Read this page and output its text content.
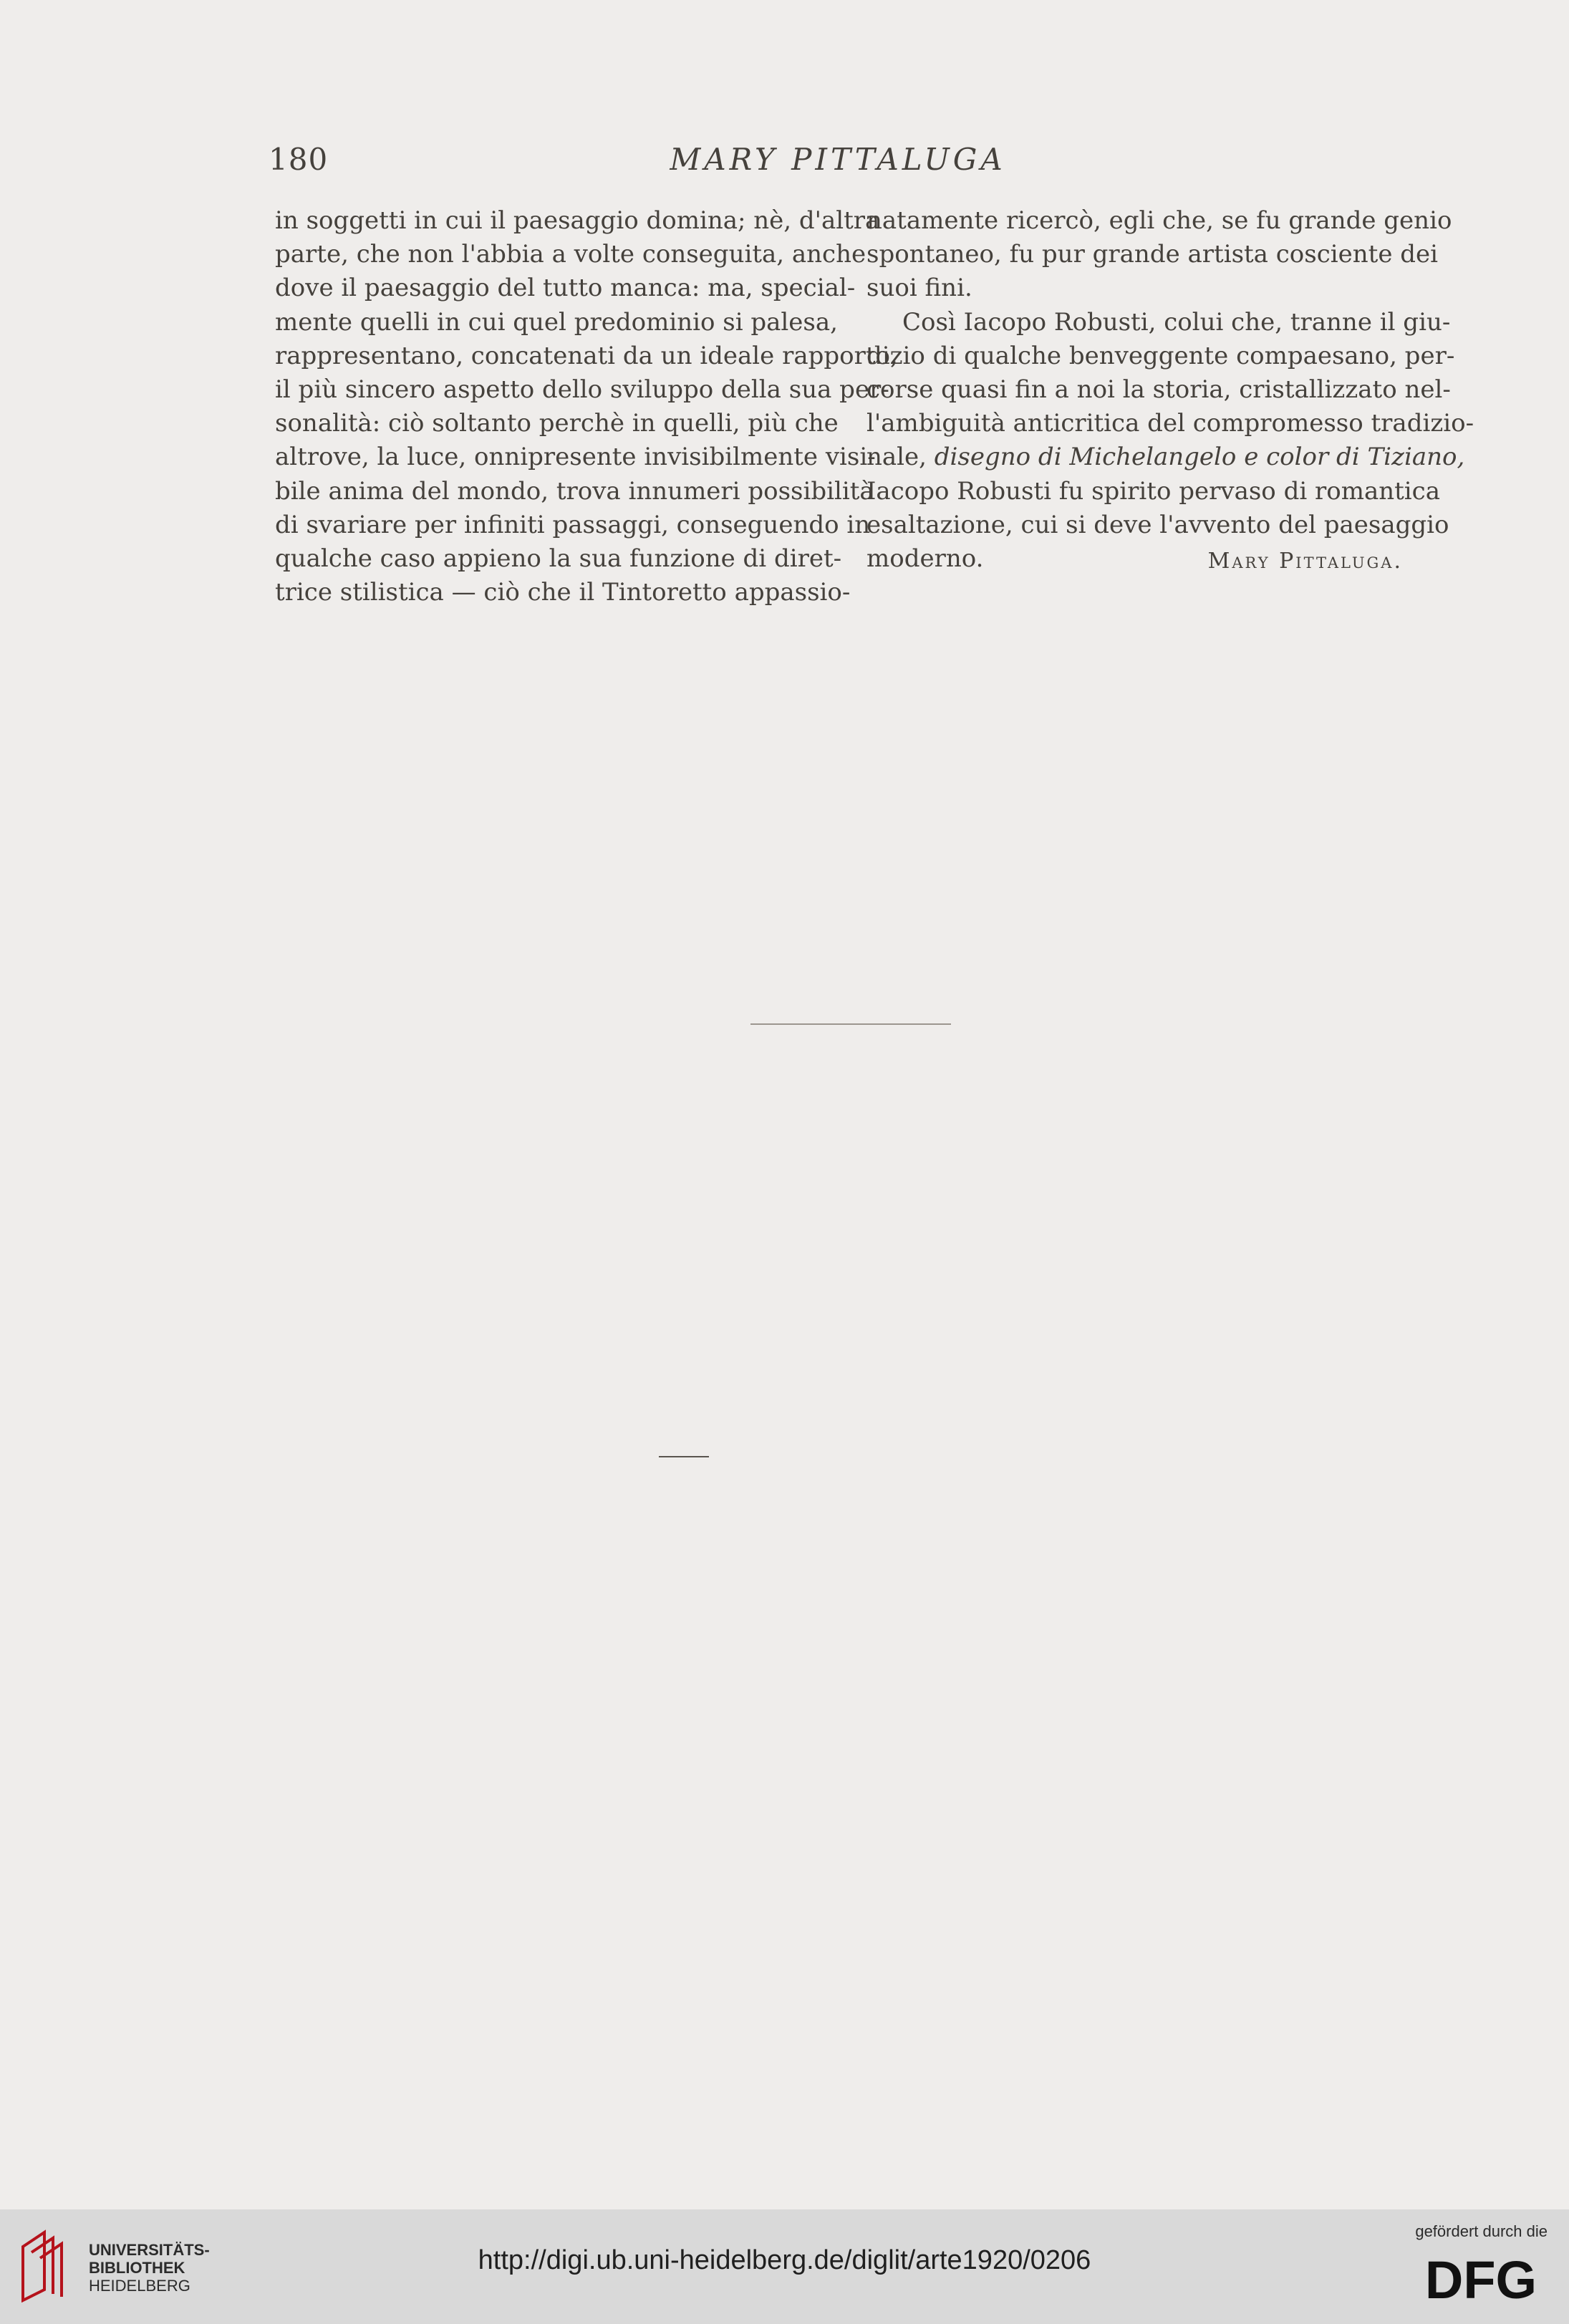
180	MARY PITTALUGA
in soggetti in cui il paesaggio domina; nè, d'altra
parte, che non l'abbia a volte conseguita, anche
dove il paesaggio del tutto manca: ma, special-
mente quelli in cui quel predominio si palesa,
rappresentano, concatenati da un ideale rapporto,
il più sincero aspetto dello sviluppo della sua per-
sonalità: ciò soltanto perchè in quelli, più che
altrove, la luce, onnipresente invisibilmente visi-
bile anima del mondo, trova innumeri possibilità
di svariare per infiniti passaggi, conseguendo in
qualche caso appieno la sua funzione di diret-
trice stilistica — ciò che il Tintoretto appassio-
natamente ricercò, egli che, se fu grande genio
spontaneo, fu pur grande artista cosciente dei
suoi fini.
Così Iacopo Robusti, colui che, tranne il giu-
dizio di qualche benveggente compaesano, per-
corse quasi fin a noi la storia, cristallizzato nel-
l'ambiguità anticritica del compromesso tradizio-
nale, disegno di Michelangelo e color di Tiziano,
Iacopo Robusti fu spirito pervaso di romantica
esaltazione, cui si deve l'avvento del paesaggio
moderno.	Mary Pittaluga.
UNIVERSITÄTS-
BIBLIOTHEK
HEIDELBERG
http://digi.ub.uni-heidelberg.de/diglit/arte1920/0206
gefördert durch die
DFG
